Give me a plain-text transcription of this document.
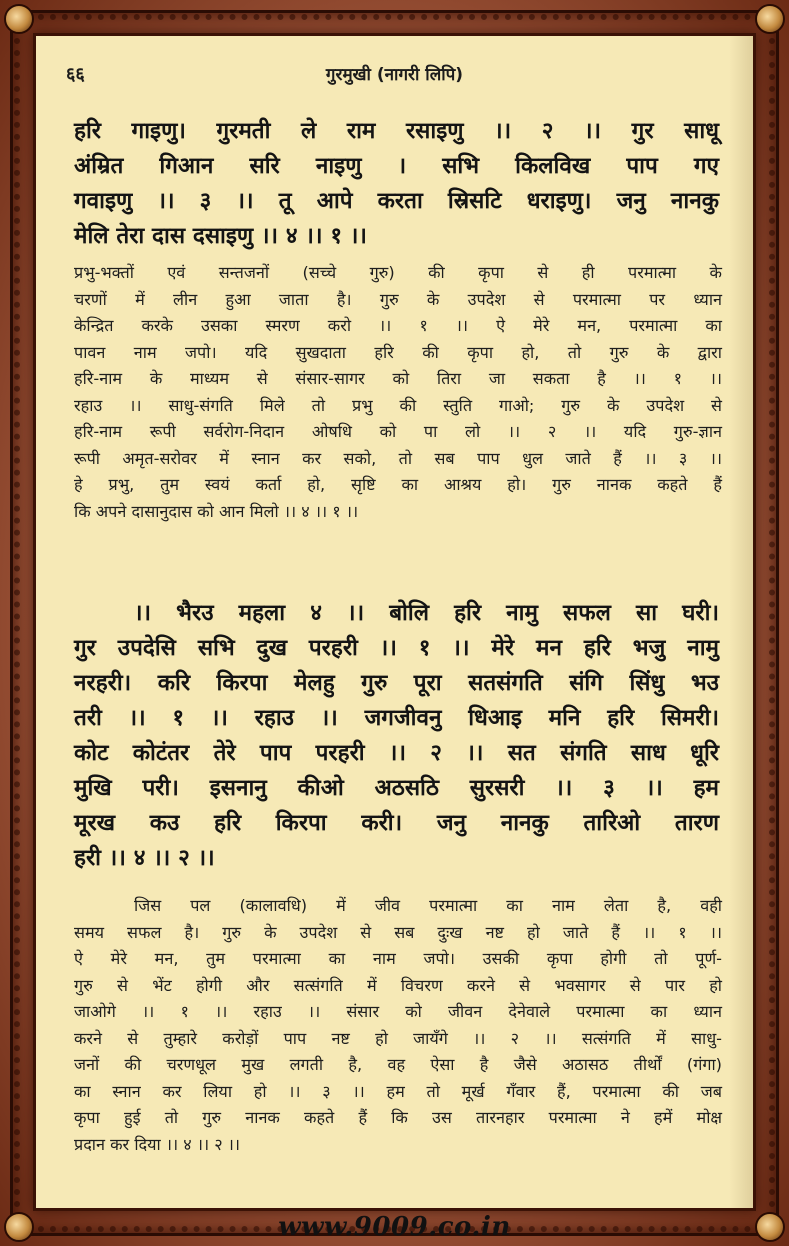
६६	गुरमुखी (नागरी लिपि)
हरि गाइणु। गुरमती ले राम रसाइणु ।। २ ।। गुर साधू
अंम्रित गिआन सरि नाइणु । सभि किलविख पाप गए
गवाइणु ।। ३ ।। तू आपे करता स्रिसटि धराइणु। जनु नानकु
मेलि तेरा दास दसाइणु ।। ४ ।। १ ।।
प्रभु-भक्तों एवं सन्तजनों (सच्चे गुरु) की कृपा से ही परमात्मा के
चरणों में लीन हुआ जाता है। गुरु के उपदेश से परमात्मा पर ध्यान
केन्द्रित करके उसका स्मरण करो ।। १ ।। ऐ मेरे मन, परमात्मा का
पावन नाम जपो। यदि सुखदाता हरि की कृपा हो, तो गुरु के द्वारा
हरि-नाम के माध्यम से संसार-सागर को तिरा जा सकता है ।। १ ।।
रहाउ ।। साधु-संगति मिले तो प्रभु की स्तुति गाओ; गुरु के उपदेश से
हरि-नाम रूपी सर्वरोग-निदान ओषधि को पा लो ।। २ ।। यदि गुरु-ज्ञान
रूपी अमृत-सरोवर में स्नान कर सको, तो सब पाप धुल जाते हैं ।। ३ ।।
हे प्रभु, तुम स्वयं कर्ता हो, सृष्टि का आश्रय हो। गुरु नानक कहते हैं
कि अपने दासानुदास को आन मिलो ।। ४ ।। १ ।।
।। भैरउ महला ४ ।। बोलि हरि नामु सफल सा घरी।
गुर उपदेसि सभि दुख परहरी ।। १ ।। मेरे मन हरि भजु नामु
नरहरी। करि किरपा मेलहु गुरु पूरा सतसंगति संगि सिंधु भउ
तरी ।। १ ।। रहाउ ।। जगजीवनु धिआइ मनि हरि सिमरी।
कोट कोटंतर तेरे पाप परहरी ।। २ ।। सत संगति साध धूरि
मुखि परी। इसनानु कीओ अठसठि सुरसरी ।। ३ ।। हम
मूरख कउ हरि किरपा करी। जनु नानकु तारिओ तारण
हरी ।। ४ ।। २ ।।
जिस पल (कालावधि) में जीव परमात्मा का नाम लेता है, वही
समय सफल है। गुरु के उपदेश से सब दुःख नष्ट हो जाते हैं ।। १ ।।
ऐ मेरे मन, तुम परमात्मा का नाम जपो। उसकी कृपा होगी तो पूर्ण-
गुरु से भेंट होगी और सत्संगति में विचरण करने से भवसागर से पार हो
जाओगे ।। १ ।। रहाउ ।। संसार को जीवन देनेवाले परमात्मा का ध्यान
करने से तुम्हारे करोड़ों पाप नष्ट हो जायँगे ।। २ ।। सत्संगति में साधु-
जनों की चरणधूल मुख लगती है, वह ऐसा है जैसे अठासठ तीर्थों (गंगा)
का स्नान कर लिया हो ।। ३ ।। हम तो मूर्ख गँवार हैं, परमात्मा की जब
कृपा हुई तो गुरु नानक कहते हैं कि उस तारनहार परमात्मा ने हमें मोक्ष
प्रदान कर दिया ।। ४ ।। २ ।।
www.9009.co.in
